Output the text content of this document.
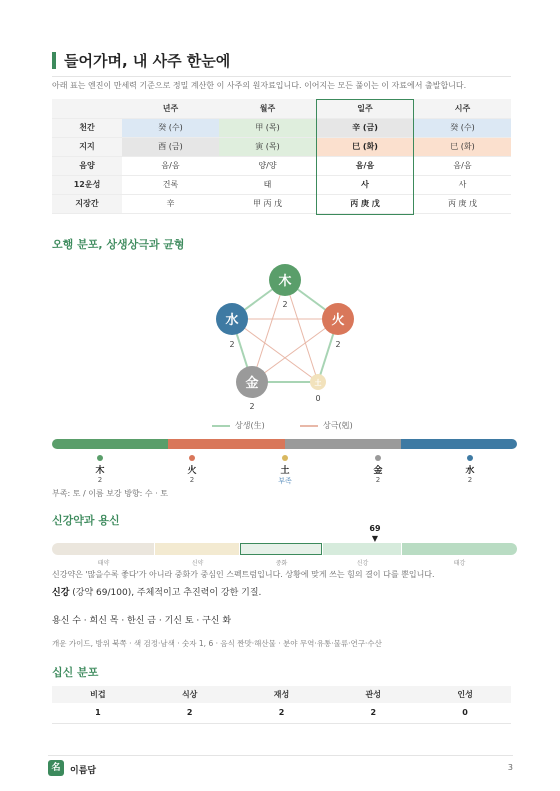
들어가며, 내 사주 한눈에
아래 표는 엔진이 만세력 기준으로 정밀 계산한 이 사주의 원자료입니다. 이어지는 모든 풀이는 이 자료에서 출발합니다.
	년주	월주	일주	시주
천간	癸 (수)	甲 (목)	辛 (금)	癸 (수)
지지	酉 (금)	寅 (목)	巳 (화)	巳 (화)
음양	음/음	양/양	음/음	음/음
12운성	건록	태	사	사
지장간	辛	甲 丙 戊	丙 庚 戊	丙 庚 戊
오행 분포, 상생상극과 균형
木
2
火
2
土
0
金
2
水
2
상생(生)	상극(剋)
木
2
火
2
土
부족
金
2
水
2
부족: 토 / 이름 보강 방향: 수 · 토
신강약과 용신
69
▼
태약	신약	중화	신강	태강
신강약은 '많을수록 좋다'가 아니라 중화가 중심인 스펙트럼입니다. 상황에 맞게 쓰는 힘의 결이 다를 뿐입니다.
신강 (강약 69/100), 주체적이고 추진력이 강한 기질.
용신 수 · 희신 목 · 한신 금 · 기신 토 · 구신 화
개운 가이드, 방위 북쪽 · 색 검정·남색 · 숫자 1, 6 · 음식 짠맛·해산물 · 분야 무역·유통·물류·연구·수산
십신 분포
비겁	식상	재성	관성	인성
1	2	2	2	0
名	이름담	3
